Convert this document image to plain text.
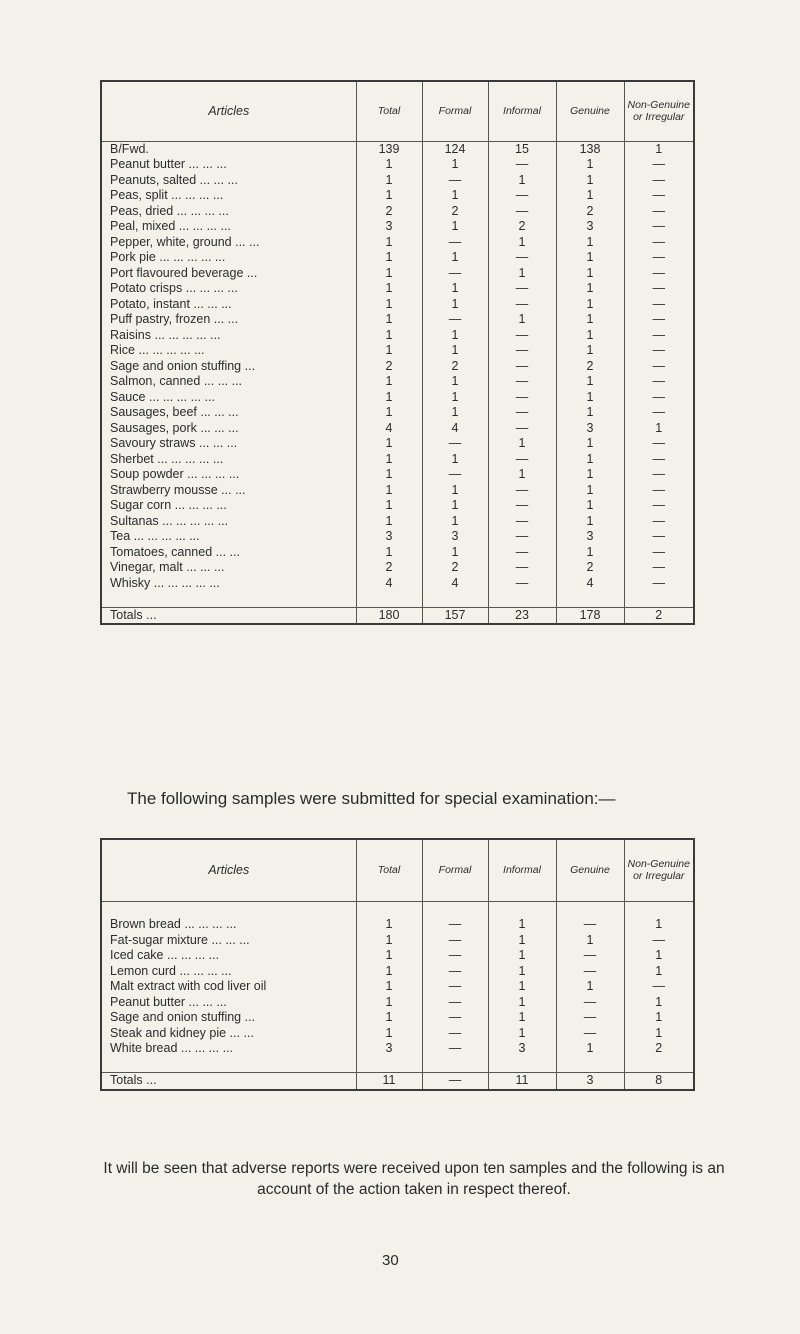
Articles	Total	Formal	Informal	Genuine	Non-Genuine or Irregular
B/Fwd.	139	124	15	138	1
Peanut butter ... ... ...	1	1	—	1	—
Peanuts, salted ... ... ...	1	—	1	1	—
Peas, split ... ... ... ...	1	1	—	1	—
Peas, dried ... ... ... ...	2	2	—	2	—
Peal, mixed ... ... ... ...	3	1	2	3	—
Pepper, white, ground ... ...	1	—	1	1	—
Pork pie ... ... ... ... ...	1	1	—	1	—
Port flavoured beverage ...	1	—	1	1	—
Potato crisps ... ... ... ...	1	1	—	1	—
Potato, instant ... ... ...	1	1	—	1	—
Puff pastry, frozen ... ...	1	—	1	1	—
Raisins ... ... ... ... ...	1	1	—	1	—
Rice ... ... ... ... ...	1	1	—	1	—
Sage and onion stuffing ...	2	2	—	2	—
Salmon, canned ... ... ...	1	1	—	1	—
Sauce ... ... ... ... ...	1	1	—	1	—
Sausages, beef ... ... ...	1	1	—	1	—
Sausages, pork ... ... ...	4	4	—	3	1
Savoury straws ... ... ...	1	—	1	1	—
Sherbet ... ... ... ... ...	1	1	—	1	—
Soup powder ... ... ... ...	1	—	1	1	—
Strawberry mousse ... ...	1	1	—	1	—
Sugar corn ... ... ... ...	1	1	—	1	—
Sultanas ... ... ... ... ...	1	1	—	1	—
Tea ... ... ... ... ...	3	3	—	3	—
Tomatoes, canned ... ...	1	1	—	1	—
Vinegar, malt ... ... ...	2	2	—	2	—
Whisky ... ... ... ... ...	4	4	—	4	—

Totals ...	180	157	23	178	2

The following samples were submitted for special examination:—

Articles	Total	Formal	Informal	Genuine	Non-Genuine or Irregular

Brown bread ... ... ... ...	1	—	1	—	1
Fat-sugar mixture ... ... ...	1	—	1	1	—
Iced cake ... ... ... ...	1	—	1	—	1
Lemon curd ... ... ... ...	1	—	1	—	1
Malt extract with cod liver oil	1	—	1	1	—
Peanut butter ... ... ...	1	—	1	—	1
Sage and onion stuffing ...	1	—	1	—	1
Steak and kidney pie ... ...	1	—	1	—	1
White bread ... ... ... ...	3	—	3	1	2

Totals ...	11	—	11	3	8

It will be seen that adverse reports were received upon ten samples and the following is an account of the action taken in respect thereof.

30
